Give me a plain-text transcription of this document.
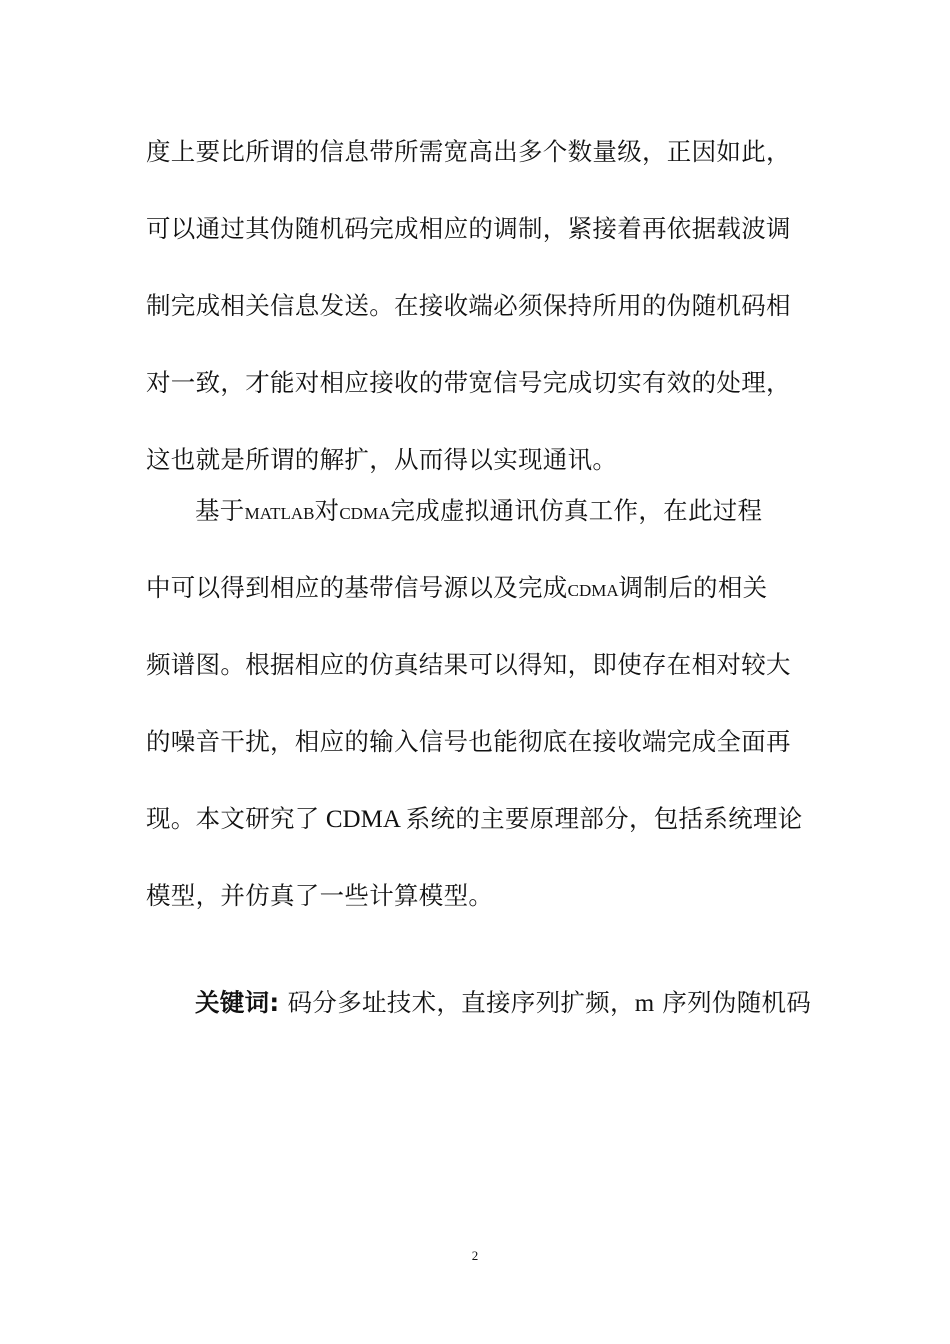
度上要比所谓的信息带所需宽高出多个数量级，正因如此，
可以通过其伪随机码完成相应的调制，紧接着再依据载波调
制完成相关信息发送。在接收端必须保持所用的伪随机码相
对一致，才能对相应接收的带宽信号完成切实有效的处理，
这也就是所谓的解扩，从而得以实现通讯。
基于MATLAB对CDMA完成虚拟通讯仿真工作，在此过程
中可以得到相应的基带信号源以及完成CDMA调制后的相关
频谱图。根据相应的仿真结果可以得知，即使存在相对较大
的噪音干扰，相应的输入信号也能彻底在接收端完成全面再
现。本文研究了 CDMA 系统的主要原理部分，包括系统理论
模型，并仿真了一些计算模型。
关键词: 码分多址技术，直接序列扩频，m 序列伪随机码
2
